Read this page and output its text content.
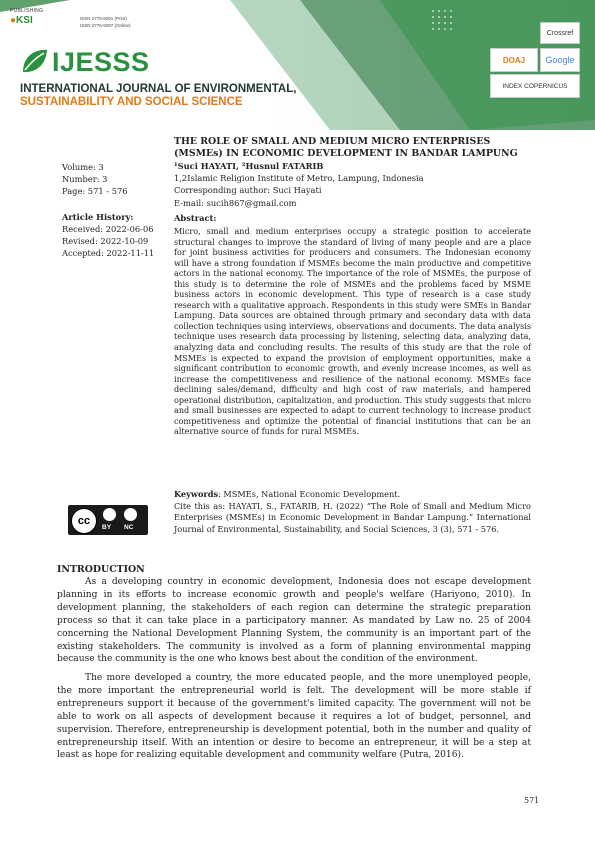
PUBLISHING
●KSI	ISSN 2776-9291 (Print)
ISSN 2776-9297 (Online)
IJESSS
INTERNATIONAL JOURNAL OF ENVIRONMENTAL,
SUSTAINABILITY AND SOCIAL SCIENCE
Crossref
DOAJ Google
INDEX COPERNICUS
THE ROLE OF SMALL AND MEDIUM MICRO ENTERPRISES
(MSMEs) IN ECONOMIC DEVELOPMENT IN BANDAR LAMPUNG
¹Suci HAYATI, ²Husnul FATARIB
1,2Islamic Religion Institute of Metro, Lampung, Indonesia
Corresponding author: Suci Hayati
E-mail: sucih867@gmail.com
Volume: 3
Number: 3
Page: 571 - 576
Article History:
Received: 2022-06-06
Revised: 2022-10-09
Accepted: 2022-11-11
Abstract:
Micro, small and medium enterprises occupy a strategic position to accelerate structural changes to improve the standard of living of many people and are a place for joint business activities for producers and consumers. The Indonesian economy will have a strong foundation if MSMEs become the main productive and competitive actors in the national economy. The importance of the role of MSMEs, the purpose of this study is to determine the role of MSMEs and the problems faced by MSME business actors in economic development. This type of research is a case study research with a qualitative approach. Respondents in this study were SMEs in Bandar Lampung. Data sources are obtained through primary and secondary data with data collection techniques using interviews, observations and documents. The data analysis technique uses research data processing by listening, selecting data, analyzing data, analyzing data and concluding results. The results of this study are that the role of MSMEs is expected to expand the provision of employment opportunities, make a significant contribution to economic growth, and evenly increase incomes, as well as increase the competitiveness and resilience of the national economy. MSMEs face declining sales/demand, difficulty and high cost of raw materials, and hampered operational distribution, capitalization, and production. This study suggests that micro and small businesses are expected to adapt to current technology to increase product competitiveness and optimize the potential of financial institutions that can be an alternative source of funds for rural MSMEs.
Keywords: MSMEs, National Economic Development.
cc
BY NC
Cite this as: HAYATI, S., FATARIB, H. (2022) “The Role of Small and Medium Micro Enterprises (MSMEs) in Economic Development in Bandar Lampung.” International Journal of Environmental, Sustainability, and Social Sciences, 3 (3), 571 - 576.
INTRODUCTION
As a developing country in economic development, Indonesia does not escape development planning in its efforts to increase economic growth and people's welfare (Hariyono, 2010). In development planning, the stakeholders of each region can determine the strategic preparation process so that it can take place in a participatory manner. As mandated by Law no. 25 of 2004 concerning the National Development Planning System, the community is an important part of the existing stakeholders. The community is involved as a form of planning environmental mapping because the community is the one who knows best about the condition of the environment.
The more developed a country, the more educated people, and the more unemployed people, the more important the entrepreneurial world is felt. The development will be more stable if entrepreneurs support it because of the government's limited capacity. The government will not be able to work on all aspects of development because it requires a lot of budget, personnel, and supervision. Therefore, entrepreneurship is development potential, both in the number and quality of entrepreneurship itself. With an intention or desire to become an entrepreneur, it will be a step at least as hope for realizing equitable development and community welfare (Putra, 2016).
571
